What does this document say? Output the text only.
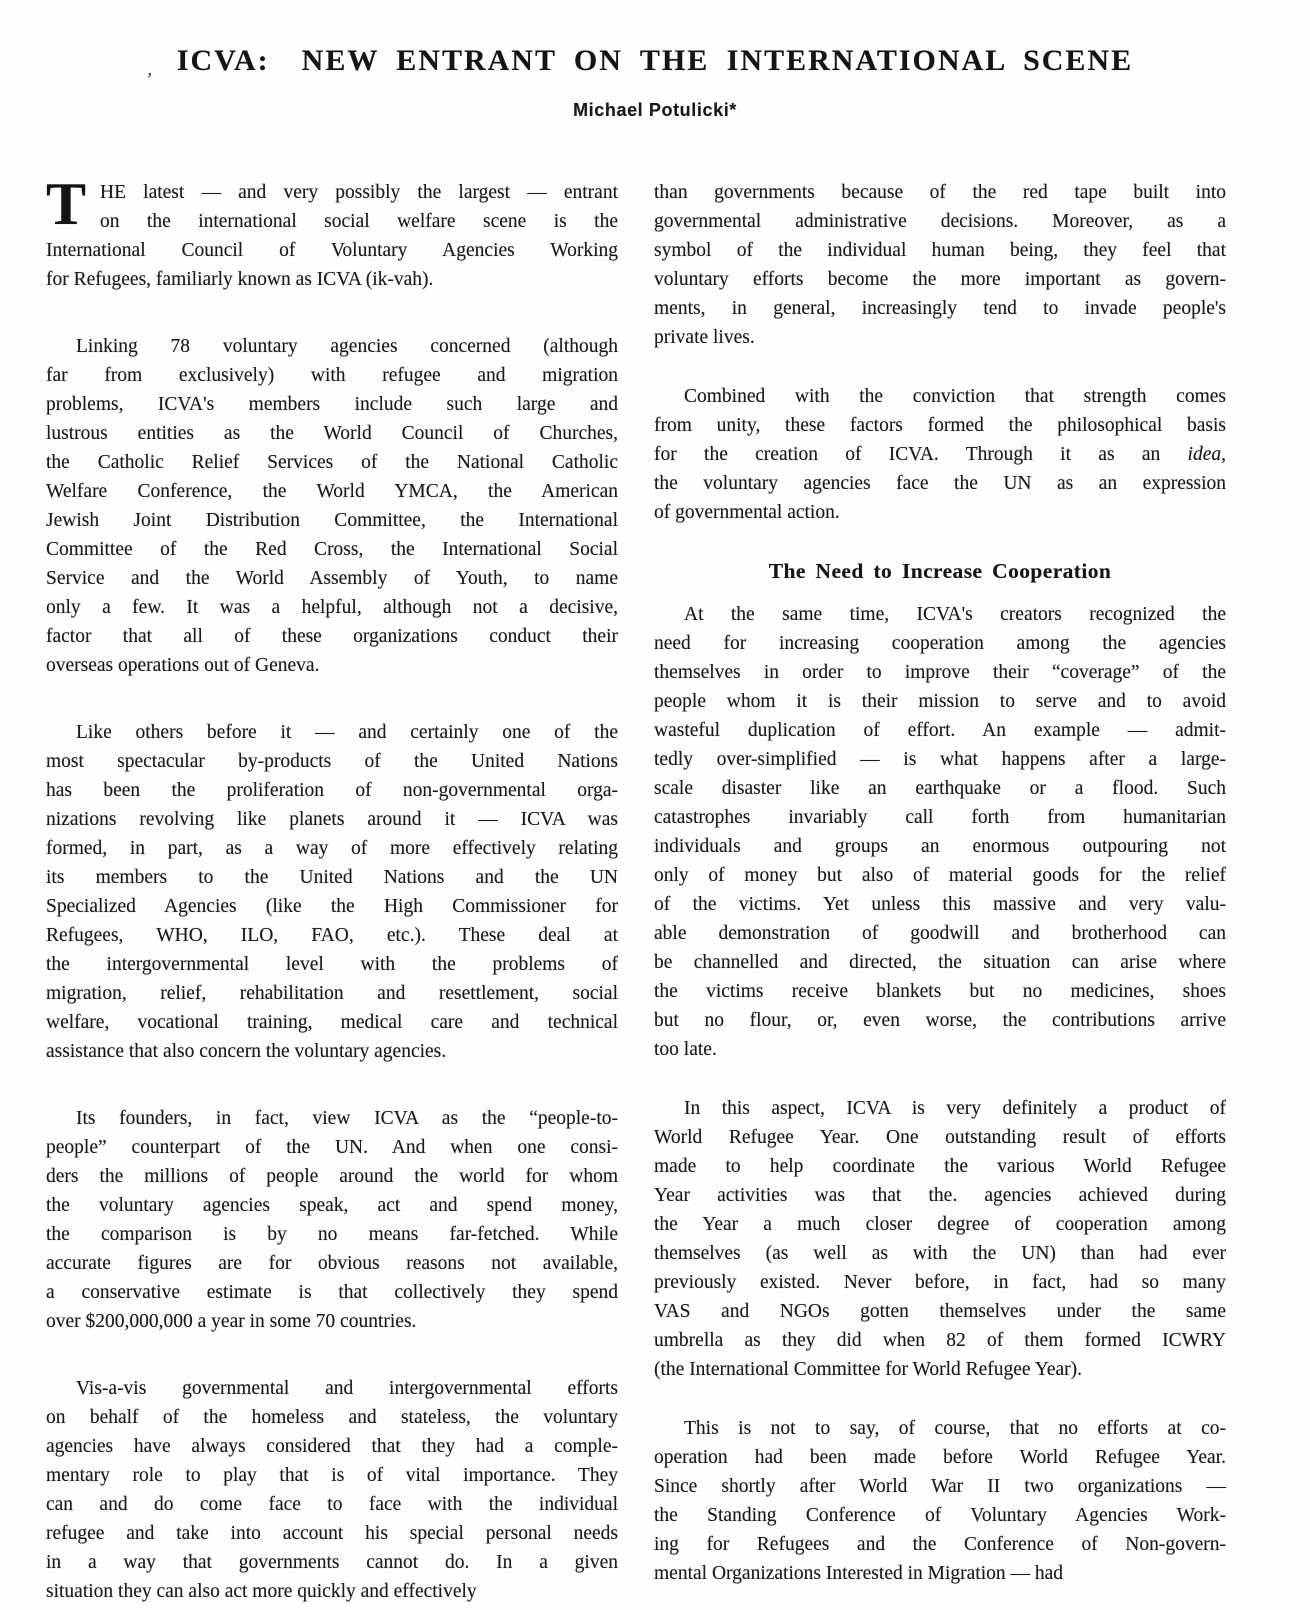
, ICVA: NEW ENTRANT ON THE INTERNATIONAL SCENE
Michael Potulicki*
T HE latest — and very possibly the largest — entrant
on the international social welfare scene is the
International Council of Voluntary Agencies Working
for Refugees, familiarly known as ICVA (ik-vah).
Linking 78 voluntary agencies concerned (although
far from exclusively) with refugee and migration
problems, ICVA's members include such large and
lustrous entities as the World Council of Churches,
the Catholic Relief Services of the National Catholic
Welfare Conference, the World YMCA, the American
Jewish Joint Distribution Committee, the International
Committee of the Red Cross, the International Social
Service and the World Assembly of Youth, to name
only a few. It was a helpful, although not a decisive,
factor that all of these organizations conduct their
overseas operations out of Geneva.
Like others before it — and certainly one of the
most spectacular by-products of the United Nations
has been the proliferation of non-governmental orga-
nizations revolving like planets around it — ICVA was
formed, in part, as a way of more effectively relating
its members to the United Nations and the UN
Specialized Agencies (like the High Commissioner for
Refugees, WHO, ILO, FAO, etc.). These deal at
the intergovernmental level with the problems of
migration, relief, rehabilitation and resettlement, social
welfare, vocational training, medical care and technical
assistance that also concern the voluntary agencies.
Its founders, in fact, view ICVA as the “people-to-
people” counterpart of the UN. And when one consi-
ders the millions of people around the world for whom
the voluntary agencies speak, act and spend money,
the comparison is by no means far-fetched. While
accurate figures are for obvious reasons not available,
a conservative estimate is that collectively they spend
over $200,000,000 a year in some 70 countries.
Vis-a-vis governmental and intergovernmental efforts
on behalf of the homeless and stateless, the voluntary
agencies have always considered that they had a comple-
mentary role to play that is of vital importance. They
can and do come face to face with the individual
refugee and take into account his special personal needs
in a way that governments cannot do. In a given
situation they can also act more quickly and effectively
than governments because of the red tape built into
governmental administrative decisions. Moreover, as a
symbol of the individual human being, they feel that
voluntary efforts become the more important as govern-
ments, in general, increasingly tend to invade people's
private lives.
Combined with the conviction that strength comes
from unity, these factors formed the philosophical basis
for the creation of ICVA. Through it as an idea,
the voluntary agencies face the UN as an expression
of governmental action.
The Need to Increase Cooperation
At the same time, ICVA's creators recognized the
need for increasing cooperation among the agencies
themselves in order to improve their “coverage” of the
people whom it is their mission to serve and to avoid
wasteful duplication of effort. An example — admit-
tedly over-simplified — is what happens after a large-
scale disaster like an earthquake or a flood. Such
catastrophes invariably call forth from humanitarian
individuals and groups an enormous outpouring not
only of money but also of material goods for the relief
of the victims. Yet unless this massive and very valu-
able demonstration of goodwill and brotherhood can
be channelled and directed, the situation can arise where
the victims receive blankets but no medicines, shoes
but no flour, or, even worse, the contributions arrive
too late.
In this aspect, ICVA is very definitely a product of
World Refugee Year. One outstanding result of efforts
made to help coordinate the various World Refugee
Year activities was that the. agencies achieved during
the Year a much closer degree of cooperation among
themselves (as well as with the UN) than had ever
previously existed. Never before, in fact, had so many
VAS and NGOs gotten themselves under the same
umbrella as they did when 82 of them formed ICWRY
(the International Committee for World Refugee Year).
This is not to say, of course, that no efforts at co-
operation had been made before World Refugee Year.
Since shortly after World War II two organizations —
the Standing Conference of Voluntary Agencies Work-
ing for Refugees and the Conference of Non-govern-
mental Organizations Interested in Migration — had
